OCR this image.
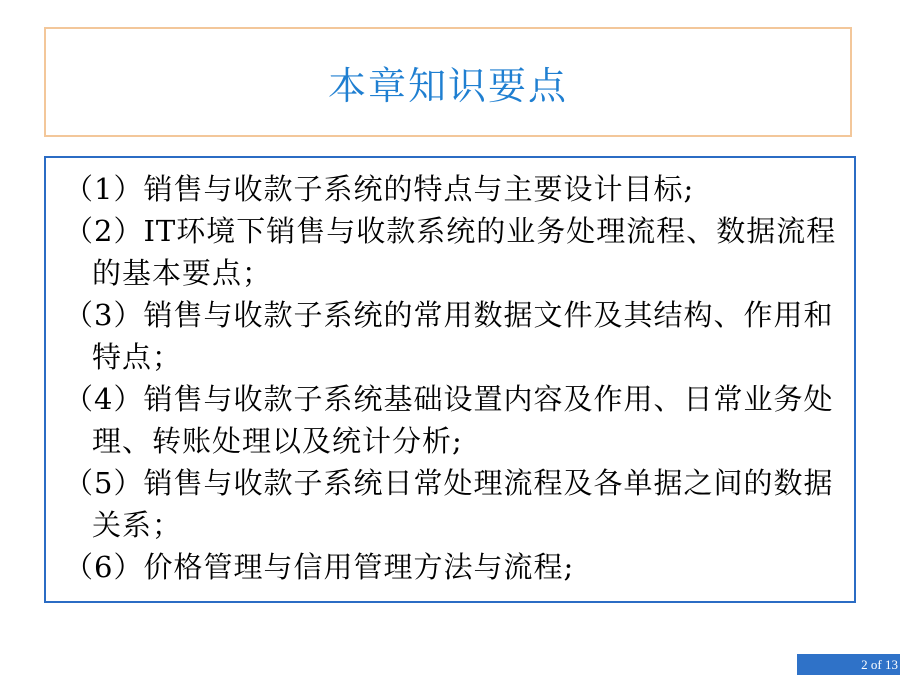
本章知识要点

（1）销售与收款子系统的特点与主要设计目标;

（2）IT环境下销售与收款系统的业务处理流程、数据流程的基本要点；

（3）销售与收款子系统的常用数据文件及其结构、作用和特点；

（4）销售与收款子系统基础设置内容及作用、日常业务处理、转账处理以及统计分析;

（5）销售与收款子系统日常处理流程及各单据之间的数据关系；

（6）价格管理与信用管理方法与流程;

2 of 13
